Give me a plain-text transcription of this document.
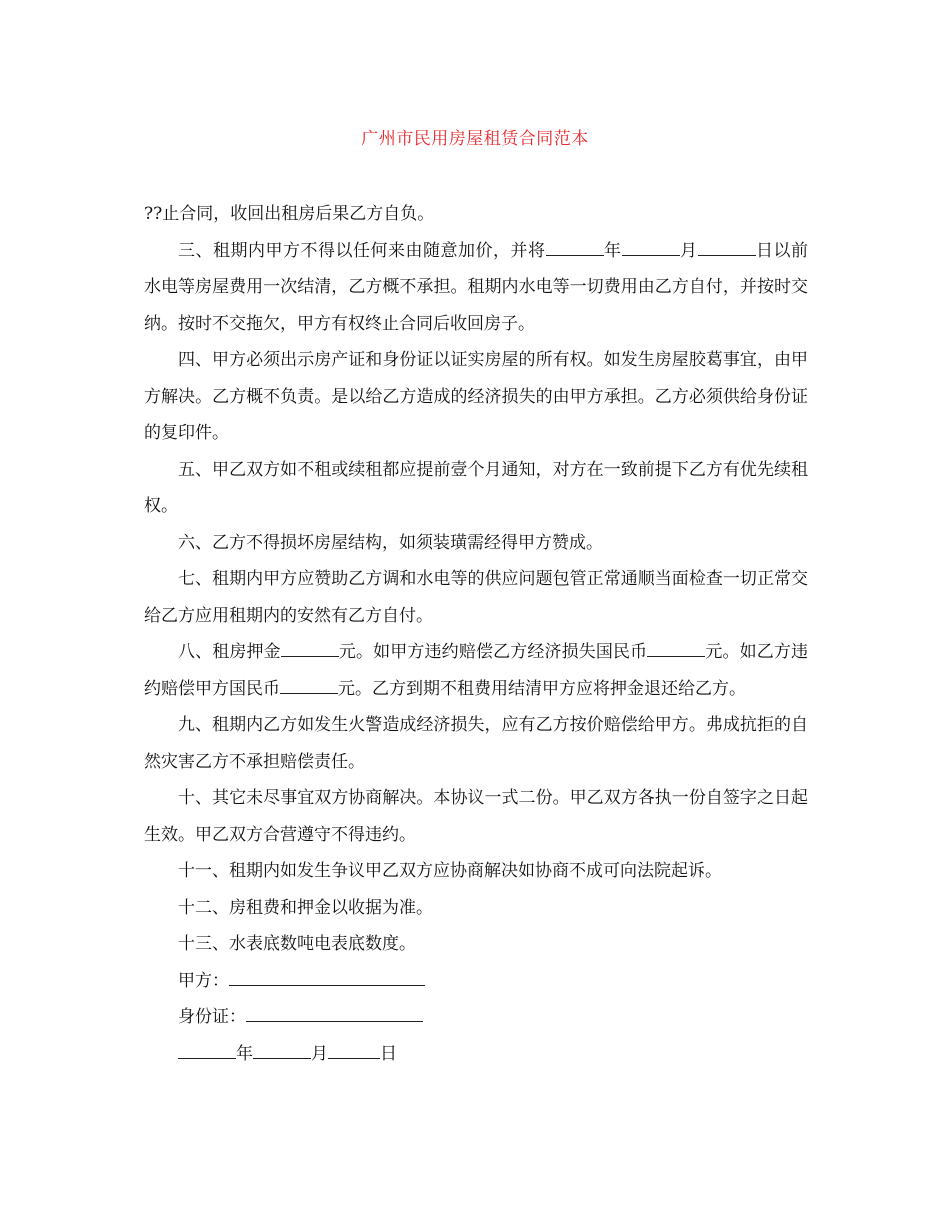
广州市民用房屋租赁合同范本

??止合同，收回出租房后果乙方自负。

三、租期内甲方不得以任何来由随意加价，并将	年	月	日以前水电等房屋费用一次结清，乙方概不承担。租期内水电等一切费用由乙方自付，并按时交纳。按时不交拖欠，甲方有权终止合同后收回房子。

四、甲方必须出示房产证和身份证以证实房屋的所有权。如发生房屋胶葛事宜，由甲方解决。乙方概不负责。是以给乙方造成的经济损失的由甲方承担。乙方必须供给身份证的复印件。

五、甲乙双方如不租或续租都应提前壹个月通知，对方在一致前提下乙方有优先续租权。

六、乙方不得损坏房屋结构，如须装璜需经得甲方赞成。

七、租期内甲方应赞助乙方调和水电等的供应问题包管正常通顺当面检查一切正常交给乙方应用租期内的安然有乙方自付。

八、租房押金	元。如甲方违约赔偿乙方经济损失国民币	元。如乙方违约赔偿甲方国民币	元。乙方到期不租费用结清甲方应将押金退还给乙方。

九、租期内乙方如发生火警造成经济损失，应有乙方按价赔偿给甲方。弗成抗拒的自然灾害乙方不承担赔偿责任。

十、其它未尽事宜双方协商解决。本协议一式二份。甲乙双方各执一份自签字之日起生效。甲乙双方合营遵守不得违约。

十一、租期内如发生争议甲乙双方应协商解决如协商不成可向法院起诉。

十二、房租费和押金以收据为准。

十三、水表底数吨电表底数度。

甲方：

身份证：

年	月	日
